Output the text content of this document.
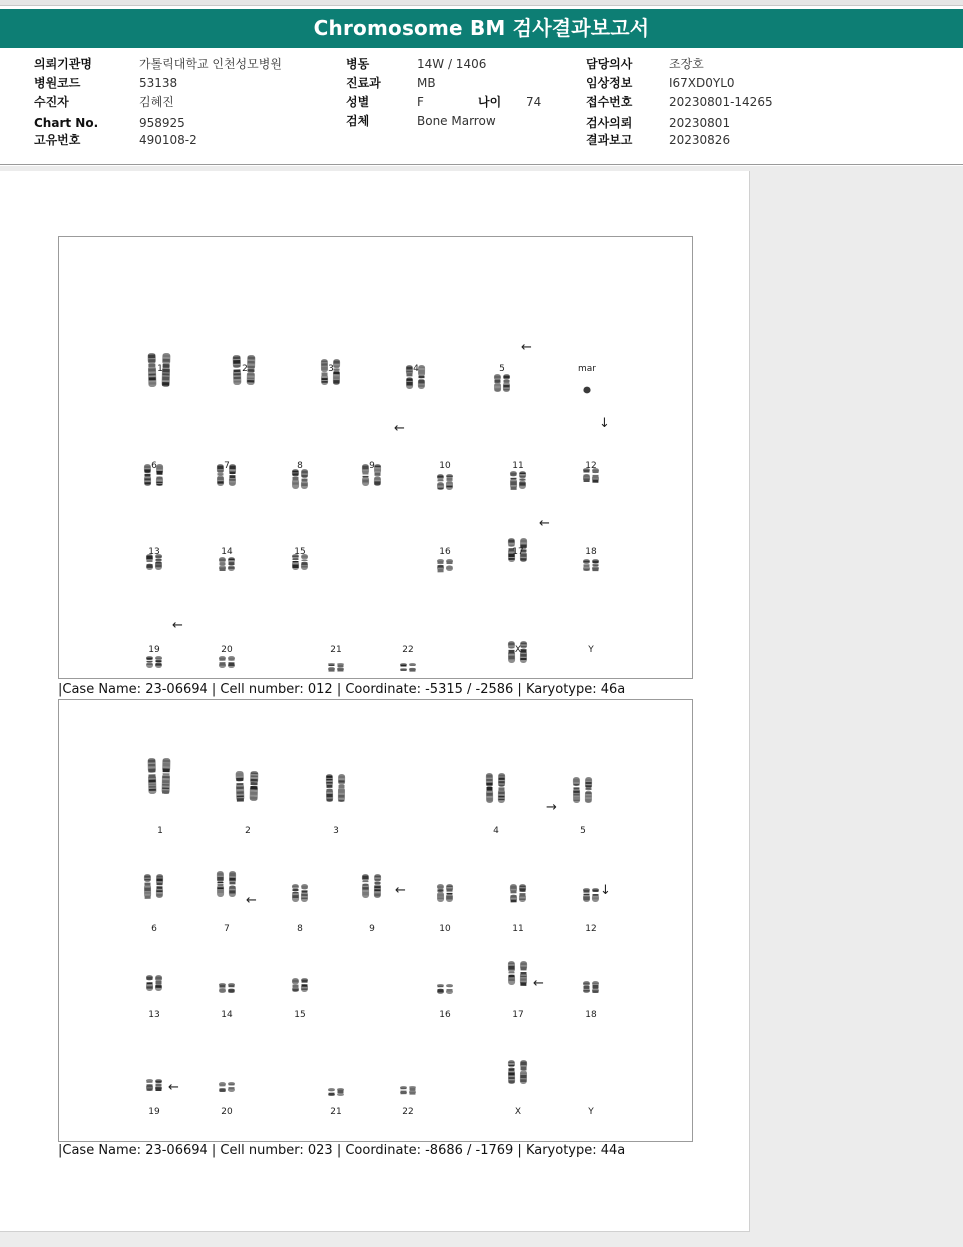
Chromosome BM 검사결과보고서
의뢰기관명	가톨릭대학교 인천성모병원
병원코드	53138
수진자	김혜진
Chart No.	958925
고유번호	490108-2
병동	14W / 1406
진료과	MB
성별	F	나이 74
검체	Bone Marrow
담당의사	조장호
임상정보	I67XD0YL0
접수번호	20230801-14265
검사의뢰	20230801
결과보고	20230826
1	2	3	4	5	mar
6	7	8	9	10	11	12
13	14	15	16	17	18
19	20	21	22	X	Y
←
←	↓
←
←
|Case Name: 23-06694 | Cell number: 012 | Coordinate: -5315 / -2586 | Karyotype: 46a
1	2	3	4	5
6	7	8	9	10	11	12
13	14	15	16	17	18
19	20	21	22	X	Y
→
←
←	↓
←
←
|Case Name: 23-06694 | Cell number: 023 | Coordinate: -8686 / -1769 | Karyotype: 44a
